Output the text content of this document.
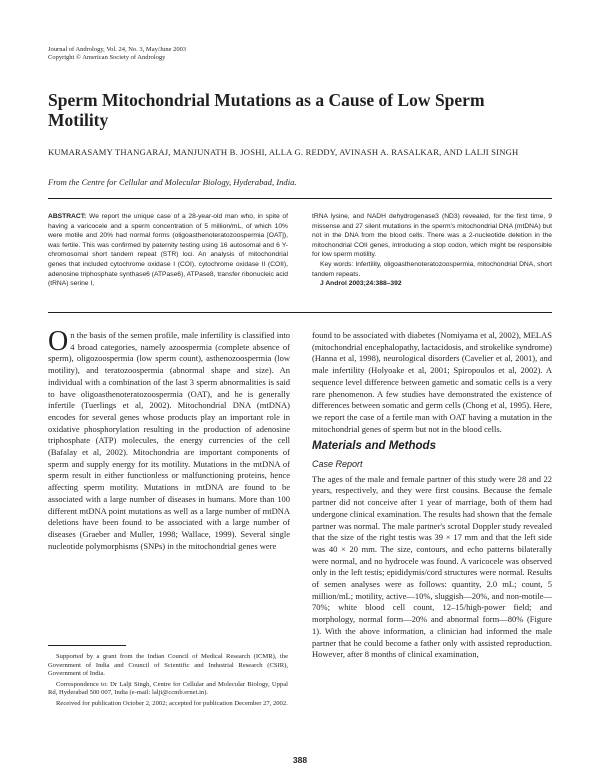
Journal of Andrology, Vol. 24, No. 3, May/June 2003
Copyright © American Society of Andrology
Sperm Mitochondrial Mutations as a Cause of Low Sperm Motility
KUMARASAMY THANGARAJ, MANJUNATH B. JOSHI, ALLA G. REDDY, AVINASH A. RASALKAR, AND LALJI SINGH
From the Centre for Cellular and Molecular Biology, Hyderabad, India.
ABSTRACT: We report the unique case of a 28-year-old man who, in spite of having a varicocele and a sperm concentration of 5 million/mL, of which 10% were motile and 20% had normal forms (oligoasthenoteratozoospermia [OAT]), was fertile. This was confirmed by paternity testing using 16 autosomal and 6 Y-chromosomal short tandem repeat (STR) loci. An analysis of mitochondrial genes that included cytochrome oxidase I (COI), cytochrome oxidase II (COII), adenosine triphosphate synthase6 (ATPase6), ATPase8, transfer ribonucleic acid (tRNA) serine I,
tRNA lysine, and NADH dehydrogenase3 (ND3) revealed, for the first time, 9 missense and 27 silent mutations in the sperm's mitochondrial DNA (mtDNA) but not in the DNA from the blood cells. There was a 2-nucleotide deletion in the mitochondrial COII genes, introducing a stop codon, which might be responsible for low sperm motility.
Key words: Infertility, oligoasthenoteratozoospermia, mitochondrial DNA, short tandem repeats.
J Androl 2003;24:388–392

On the basis of the semen profile, male infertility is classified into 4 broad categories, namely azoospermia (complete absence of sperm), oligozoospermia (low sperm count), asthenozoospermia (low motility), and teratozoospermia (abnormal shape and size). An individual with a combination of the last 3 sperm abnormalities is said to have oligoasthenoteratozoospermia (OAT), and he is generally infertile (Tuerlings et al, 2002). Mitochondrial DNA (mtDNA) encodes for several genes whose products play an important role in oxidative phosphorylation resulting in the production of adenosine triphosphate (ATP) molecules, the energy currencies of the cell (Bafalay et al, 2002). Mitochondria are important components of sperm and supply energy for its motility. Mutations in the mtDNA of sperm result in either functionless or malfunctioning proteins, hence affecting sperm motility. Mutations in mtDNA are found to be associated with a large number of diseases in humans. More than 100 different mtDNA point mutations as well as a large number of mtDNA deletions have been found to be associated with a large number of diseases (Graeber and Muller, 1998; Wallace, 1999). Several single nucleotide polymorphisms (SNPs) in the mitochondrial genes were

found to be associated with diabetes (Nomiyama et al, 2002), MELAS (mitochondrial encephalopathy, lactacidosis, and strokelike syndrome) (Hanna et al, 1998), neurological disorders (Cavelier et al, 2001), and male infertility (Holyoake et al, 2001; Spiropoulos et al, 2002). A sequence level difference between gametic and somatic cells is a very rare phenomenon. A few studies have demonstrated the existence of differences between somatic and germ cells (Chong et al, 1995). Here, we report the case of a fertile man with OAT having a mutation in the mitochondrial genes of sperm but not in the blood cells.

Materials and Methods
Case Report

The ages of the male and female partner of this study were 28 and 22 years, respectively, and they were first cousins. Because the female partner did not conceive after 1 year of marriage, both of them had undergone clinical examination. The results had shown that the female partner was normal. The male partner's scrotal Doppler study revealed that the size of the right testis was 39 × 17 mm and that the left side was 40 × 20 mm. The size, contours, and echo patterns bilaterally were normal, and no hydrocele was found. A varicocele was observed only in the left testis; epididymis/cord structures were normal. Results of semen analyses were as follows: quantity, 2.0 mL; count, 5 million/mL; motility, active—10%, sluggish—20%, and non-motile—70%; white blood cell count, 12–15/high-power field; and morphology, normal form—20% and abnormal form—80% (Figure 1). With the above information, a clinician had informed the male partner that he could become a father only with assisted reproduction. However, after 8 months of clinical examination,

Supported by a grant from the Indian Council of Medical Research (ICMR), the Government of India and Council of Scientific and Industrial Research (CSIR), Government of India.

Correspondence to: Dr Lalji Singh, Centre for Cellular and Molecular Biology, Uppal Rd, Hyderabad 500 007, India (e-mail: lalji@ccmb.ernet.in).

Received for publication October 2, 2002; accepted for publication December 27, 2002.

388
